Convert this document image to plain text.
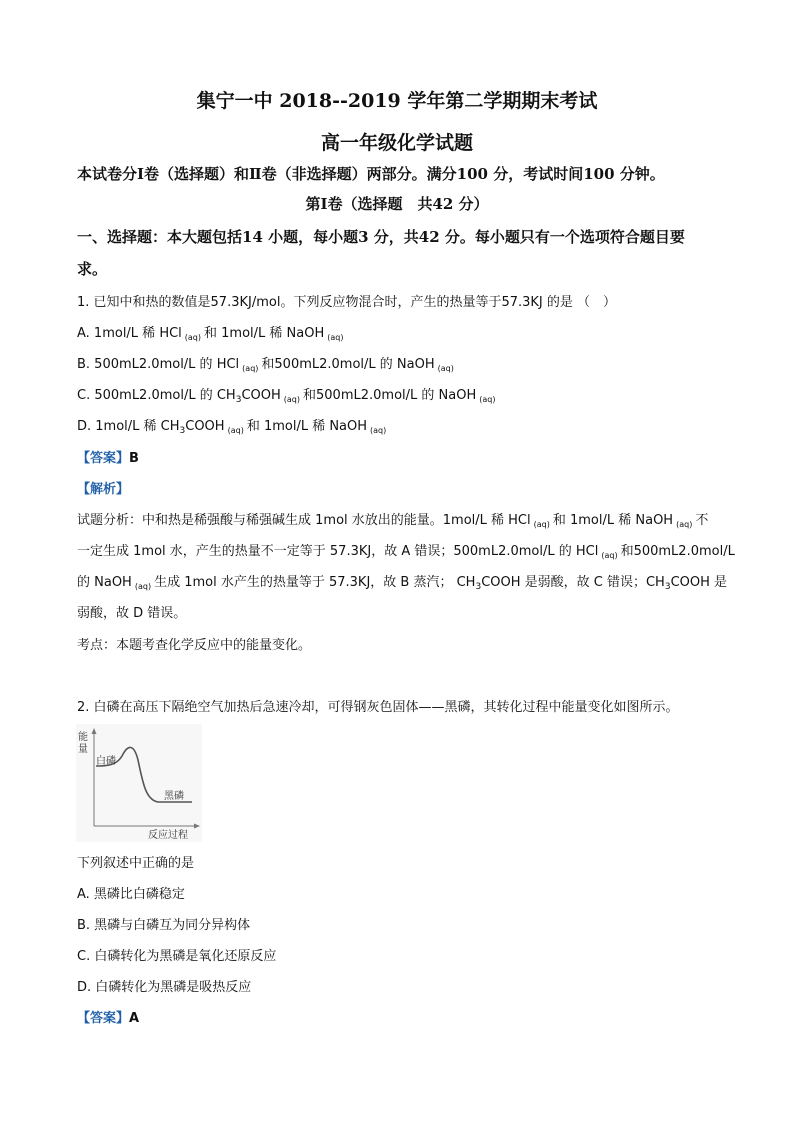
集宁一中 2018--2019 学年第二学期期末考试
高一年级化学试题
本试卷分Ⅰ卷（选择题）和Ⅱ卷（非选择题）两部分。满分100 分，考试时间100 分钟。
第Ⅰ卷（选择题　共42 分）
一、选择题：本大题包括14 小题，每小题3 分，共42 分。每小题只有一个选项符合题目要
求。
1. 已知中和热的数值是57.3KJ/mol。下列反应物混合时，产生的热量等于57.3KJ 的是 （　）
A. 1mol/L 稀 HCl $_{(aq)}$ 和 1mol/L 稀 NaOH $_{(aq)}$
B. 500mL2.0mol/L 的 HCl $_{(aq)}$ 和500mL2.0mol/L 的 NaOH $_{(aq)}$
C. 500mL2.0mol/L 的 $CH_3COOH$ $_{(aq)}$ 和500mL2.0mol/L 的 NaOH $_{(aq)}$
D. 1mol/L 稀 $CH_3COOH$ $_{(aq)}$ 和 1mol/L 稀 NaOH $_{(aq)}$
【答案】B
【解析】
试题分析：中和热是稀强酸与稀强碱生成 1mol 水放出的能量。1mol/L 稀 HCl $_{(aq)}$ 和 1mol/L 稀 NaOH $_{(aq)}$ 不
一定生成 1mol 水，产生的热量不一定等于 57.3KJ，故 A 错误；500mL2.0mol/L 的 HCl $_{(aq)}$ 和500mL2.0mol/L
的 NaOH $_{(aq)}$ 生成 1mol 水产生的热量等于 57.3KJ，故 B 蒸汽； $CH_3COOH$ 是弱酸，故 C 错误；$CH_3COOH$ 是
弱酸，故 D 错误。
考点：本题考查化学反应中的能量变化。
2. 白磷在高压下隔绝空气加热后急速冷却，可得钢灰色固体——黑磷，其转化过程中能量变化如图所示。
能
量
白磷
黑磷
反应过程
下列叙述中正确的是
A. 黑磷比白磷稳定
B. 黑磷与白磷互为同分异构体
C. 白磷转化为黑磷是氧化还原反应
D. 白磷转化为黑磷是吸热反应
【答案】A
